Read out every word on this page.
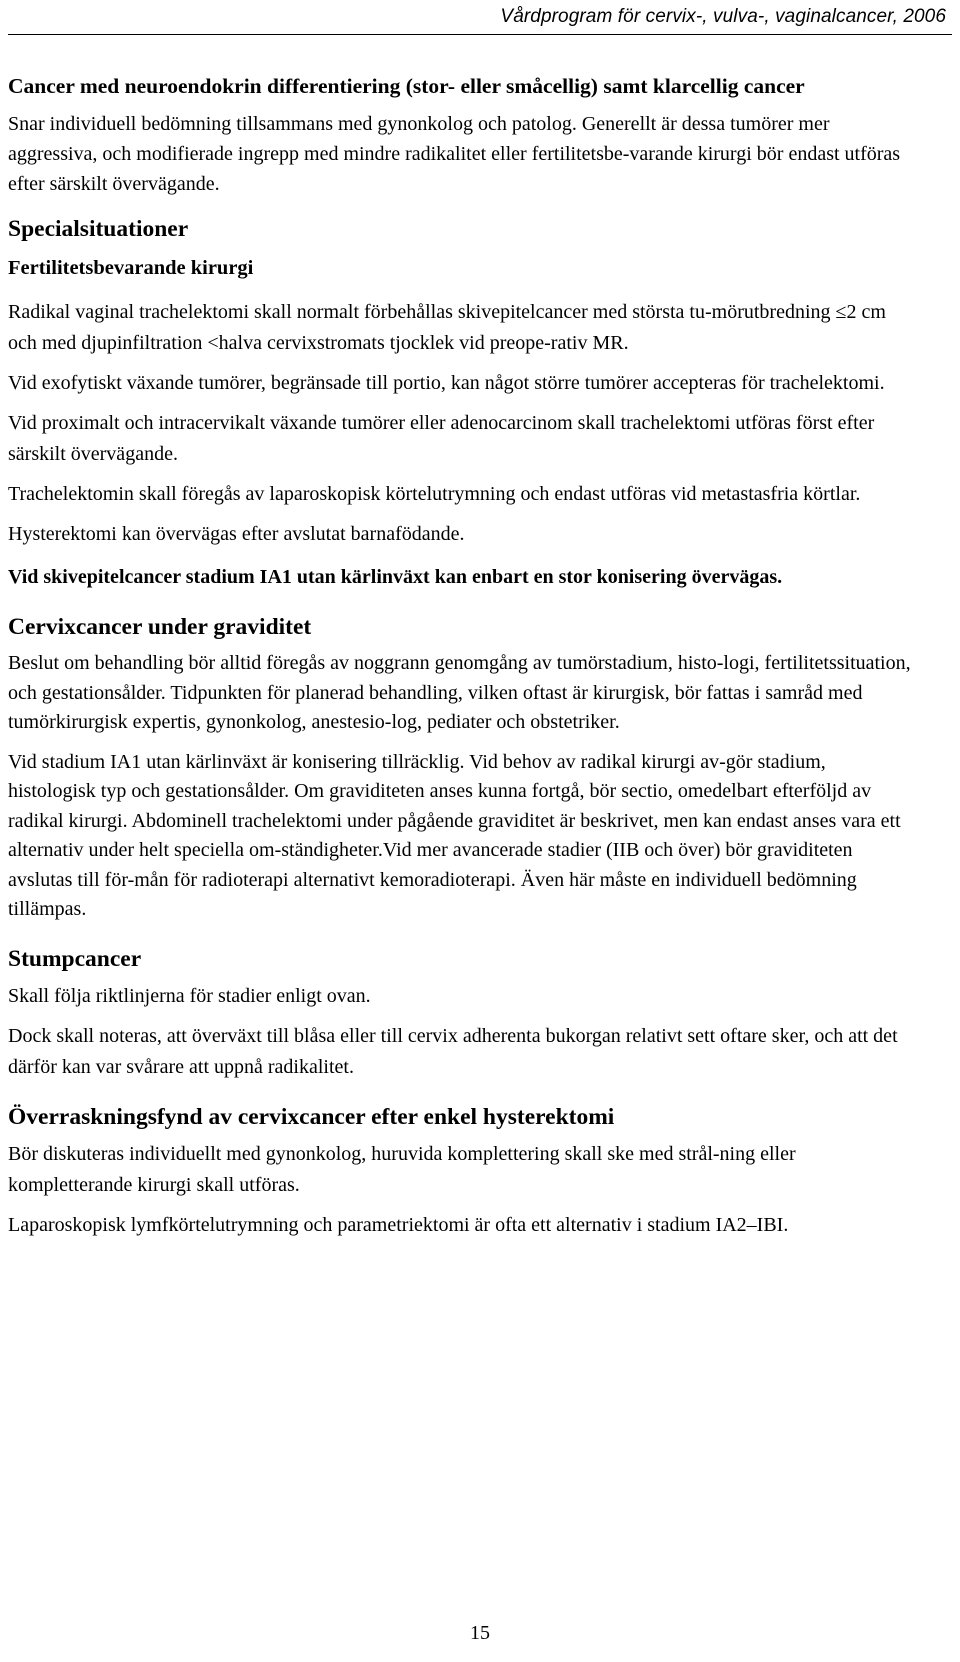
Vårdprogram för cervix-, vulva-, vaginalcancer, 2006
Cancer med neuroendokrin differentiering (stor- eller småcellig) samt klarcellig cancer

Snar individuell bedömning tillsammans med gynonkolog och patolog. Generellt är dessa tumörer mer aggressiva, och modifierade ingrepp med mindre radikalitet eller fertilitetsbe-varande kirurgi bör endast utföras efter särskilt övervägande.

Specialsituationer
Fertilitetsbevarande kirurgi

Radikal vaginal trachelektomi skall normalt förbehållas skivepitelcancer med största tu-mörutbredning ≤2 cm och med djupinfiltration <halva cervixstromats tjocklek vid preope-rativ MR.

Vid exofytiskt växande tumörer, begränsade till portio, kan något större tumörer accepteras för trachelektomi.

Vid proximalt och intracervikalt växande tumörer eller adenocarcinom skall trachelektomi utföras först efter särskilt övervägande.

Trachelektomin skall föregås av laparoskopisk körtelutrymning och endast utföras vid metastasfria körtlar.

Hysterektomi kan övervägas efter avslutat barnafödande.

Vid skivepitelcancer stadium IA1 utan kärlinväxt kan enbart en stor konisering övervägas.

Cervixcancer under graviditet

Beslut om behandling bör alltid föregås av noggrann genomgång av tumörstadium, histo-logi, fertilitetssituation, och gestationsålder. Tidpunkten för planerad behandling, vilken oftast är kirurgisk, bör fattas i samråd med tumörkirurgisk expertis, gynonkolog, anestesio-log, pediater och obstetriker.

Vid stadium IA1 utan kärlinväxt är konisering tillräcklig. Vid behov av radikal kirurgi av-gör stadium, histologisk typ och gestationsålder. Om graviditeten anses kunna fortgå, bör sectio, omedelbart efterföljd av radikal kirurgi. Abdominell trachelektomi under pågående graviditet är beskrivet, men kan endast anses vara ett alternativ under helt speciella om-ständigheter.Vid mer avancerade stadier (IIB och över) bör graviditeten avslutas till för-mån för radioterapi alternativt kemoradioterapi. Även här måste en individuell bedömning tillämpas.

Stumpcancer

Skall följa riktlinjerna för stadier enligt ovan.

Dock skall noteras, att överväxt till blåsa eller till cervix adherenta bukorgan relativt sett oftare sker, och att det därför kan var svårare att uppnå radikalitet.

Överraskningsfynd av cervixcancer efter enkel hysterektomi

Bör diskuteras individuellt med gynonkolog, huruvida komplettering skall ske med strål-ning eller kompletterande kirurgi skall utföras.

Laparoskopisk lymfkörtelutrymning och parametriektomi är ofta ett alternativ i stadium IA2–IBI.

15
